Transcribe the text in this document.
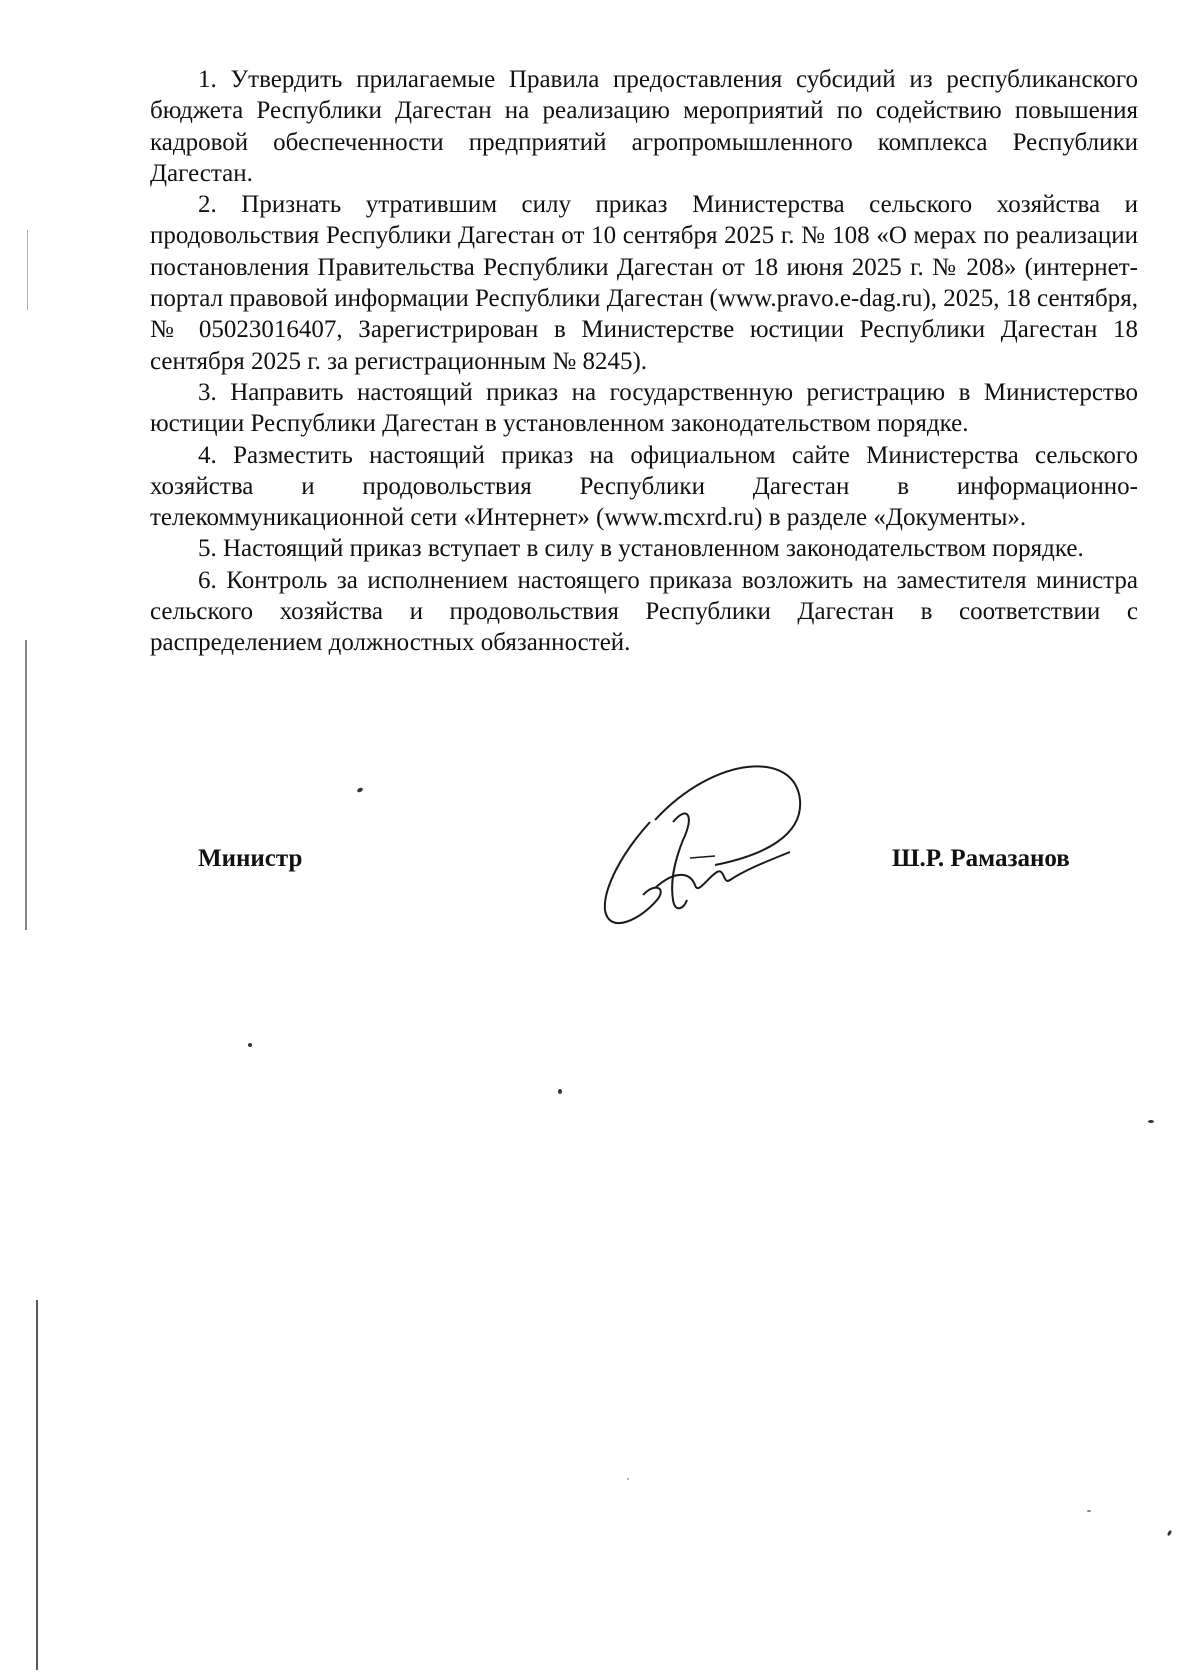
1. Утвердить прилагаемые Правила предоставления субсидий из республиканского бюджета Республики Дагестан на реализацию мероприятий по содействию повышения кадровой обеспеченности предприятий агропромышленного комплекса Республики Дагестан.

2. Признать утратившим силу приказ Министерства сельского хозяйства и продовольствия Республики Дагестан от 10 сентября 2025 г. № 108 «О мерах по реализации постановления Правительства Республики Дагестан от 18 июня 2025 г. № 208» (интернет-портал правовой информации Республики Дагестан (www.pravo.e-dag.ru), 2025, 18 сентября, № 05023016407, Зарегистрирован в Министерстве юстиции Республики Дагестан 18 сентября 2025 г. за регистрационным № 8245).

3. Направить настоящий приказ на государственную регистрацию в Министерство юстиции Республики Дагестан в установленном законодательством порядке.

4. Разместить настоящий приказ на официальном сайте Министерства сельского хозяйства и продовольствия Республики Дагестан в информационно-телекоммуникационной сети «Интернет» (www.mcxrd.ru) в разделе «Документы».

5. Настоящий приказ вступает в силу в установленном законодательством порядке.

6. Контроль за исполнением настоящего приказа возложить на заместителя министра сельского хозяйства и продовольствия Республики Дагестан в соответствии с распределением должностных обязанностей.

Министр	Ш.Р. Рамазанов
